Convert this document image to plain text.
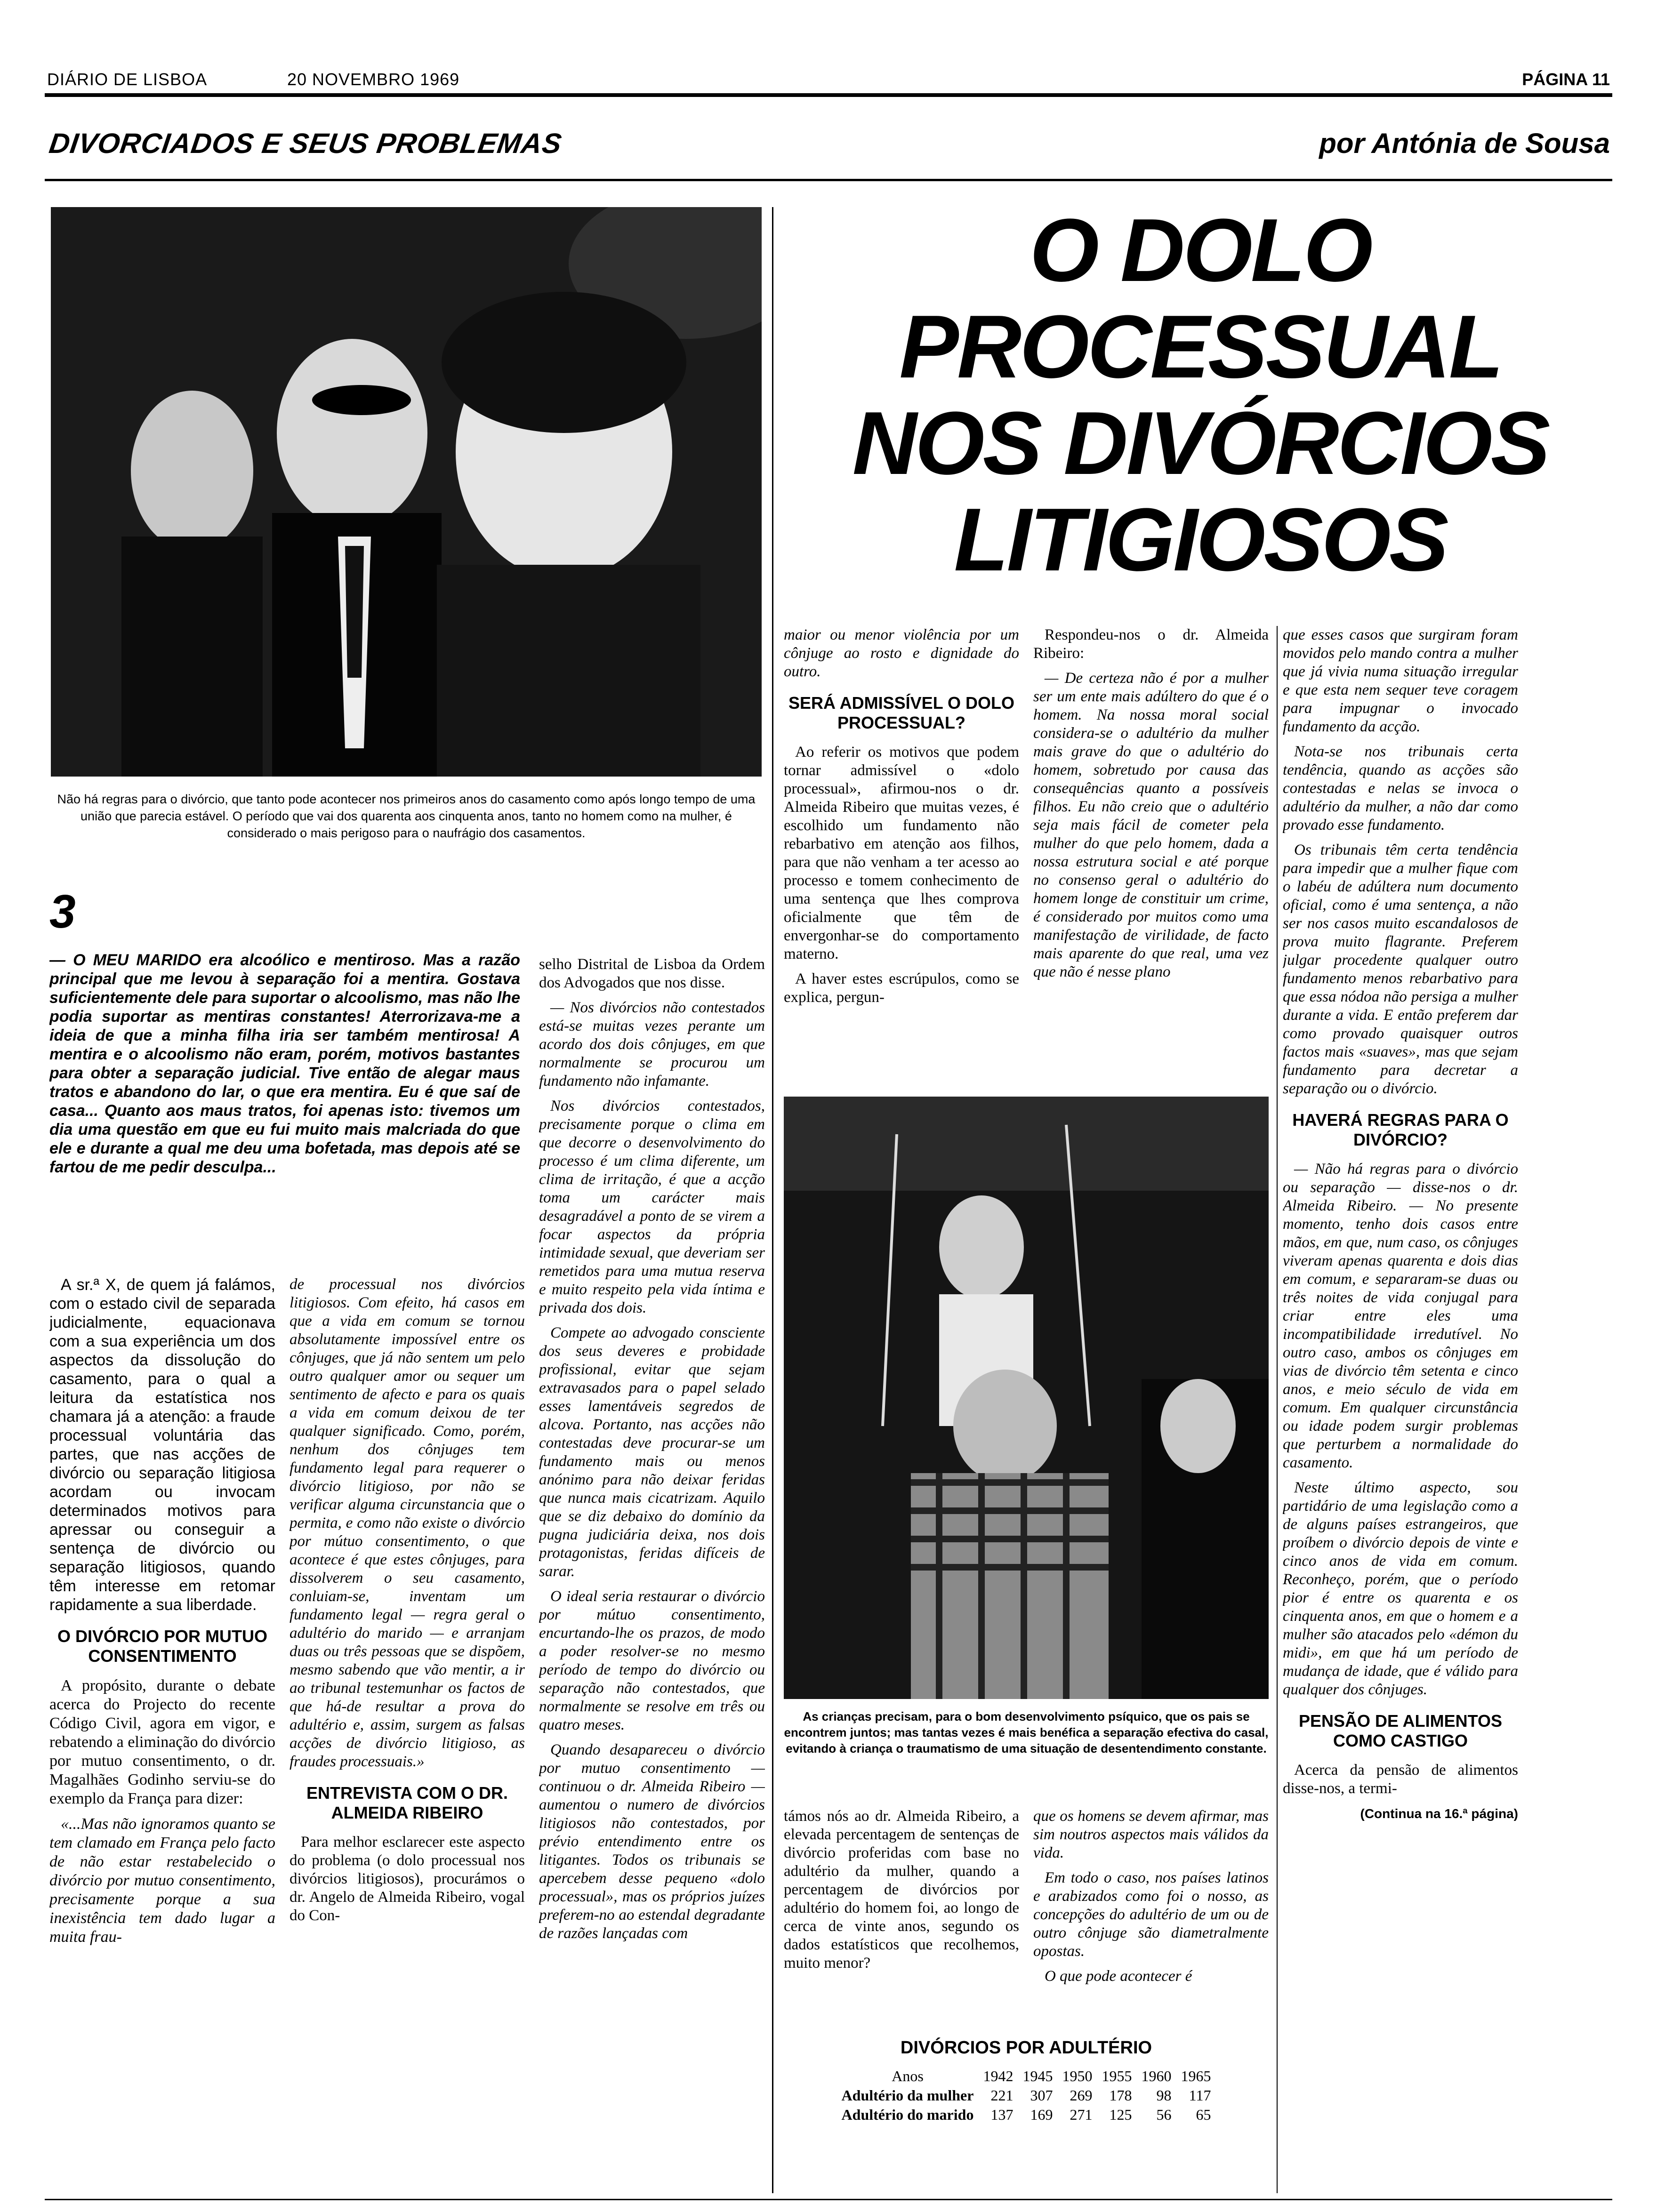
DIÁRIO DE LISBOA	20 NOVEMBRO 1969	PÁGINA 11
DIVORCIADOS E SEUS PROBLEMAS	por Antónia de Sousa
Não há regras para o divórcio, que tanto pode acontecer nos primeiros anos do casamento como após longo tempo de uma união que parecia estável. O período que vai dos quarenta aos cinquenta anos, tanto no homem como na mulher, é considerado o mais perigoso para o naufrágio dos casamentos.
O DOLO
PROCESSUAL
NOS DIVÓRCIOS
LITIGIOSOS
3
— O MEU MARIDO era alcoólico e mentiroso. Mas a razão principal que me levou à separação foi a mentira. Gostava suficientemente dele para suportar o alcoolismo, mas não lhe podia suportar as mentiras constantes! Aterrorizava-me a ideia de que a minha filha iria ser também mentirosa! A mentira e o alcoolismo não eram, porém, motivos bastantes para obter a separação judicial. Tive então de alegar maus tratos e abandono do lar, o que era mentira. Eu é que saí de casa... Quanto aos maus tratos, foi apenas isto: tivemos um dia uma questão em que eu fui muito mais malcriada do que ele e durante a qual me deu uma bofetada, mas depois até se fartou de me pedir desculpa...

A sr.ª X, de quem já falámos, com o estado civil de separada judicialmente, equacionava com a sua experiência um dos aspectos da dissolução do casamento, para o qual a leitura da estatística nos chamara já a atenção: a fraude processual voluntária das partes, que nas acções de divórcio ou separação litigiosa acordam ou invocam determinados motivos para apressar ou conseguir a sentença de divórcio ou separação litigiosos, quando têm interesse em retomar rapidamente a sua liberdade.

O DIVÓRCIO POR MUTUO CONSENTIMENTO

A propósito, durante o debate acerca do Projecto do recente Código Civil, agora em vigor, e rebatendo a eliminação do divórcio por mutuo consentimento, o dr. Magalhães Godinho serviu-se do exemplo da França para dizer:

«...Mas não ignoramos quanto se tem clamado em França pelo facto de não estar restabelecido o divórcio por mutuo consentimento, precisamente porque a sua inexistência tem dado lugar a muita frau-

de processual nos divórcios litigiosos. Com efeito, há casos em que a vida em comum se tornou absolutamente impossível entre os cônjuges, que já não sentem um pelo outro qualquer amor ou sequer um sentimento de afecto e para os quais a vida em comum deixou de ter qualquer significado. Como, porém, nenhum dos cônjuges tem fundamento legal para requerer o divórcio litigioso, por não se verificar alguma circunstancia que o permita, e como não existe o divórcio por mútuo consentimento, o que acontece é que estes cônjuges, para dissolverem o seu casamento, conluiam-se, inventam um fundamento legal — regra geral o adultério do marido — e arranjam duas ou três pessoas que se dispõem, mesmo sabendo que vão mentir, a ir ao tribunal testemunhar os factos de que há-de resultar a prova do adultério e, assim, surgem as falsas acções de divórcio litigioso, as fraudes processuais.»

ENTREVISTA COM O DR. ALMEIDA RIBEIRO

Para melhor esclarecer este aspecto do problema (o dolo processual nos divórcios litigiosos), procurámos o dr. Angelo de Almeida Ribeiro, vogal do Con-

selho Distrital de Lisboa da Ordem dos Advogados que nos disse.

— Nos divórcios não contestados está-se muitas vezes perante um acordo dos dois cônjuges, em que normalmente se procurou um fundamento não infamante.

Nos divórcios contestados, precisamente porque o clima em que decorre o desenvolvimento do processo é um clima diferente, um clima de irritação, é que a acção toma um carácter mais desagradável a ponto de se virem a focar aspectos da própria intimidade sexual, que deveriam ser remetidos para uma mutua reserva e muito respeito pela vida íntima e privada dos dois.

Compete ao advogado consciente dos seus deveres e probidade profissional, evitar que sejam extravasados para o papel selado esses lamentáveis segredos de alcova. Portanto, nas acções não contestadas deve procurar-se um fundamento mais ou menos anónimo para não deixar feridas que nunca mais cicatrizam. Aquilo que se diz debaixo do domínio da pugna judiciária deixa, nos dois protagonistas, feridas difíceis de sarar.

O ideal seria restaurar o divórcio por mútuo consentimento, encurtando-lhe os prazos, de modo a poder resolver-se no mesmo período de tempo do divórcio ou separação não contestados, que normalmente se resolve em três ou quatro meses.

Quando desapareceu o divórcio por mutuo consentimento — continuou o dr. Almeida Ribeiro — aumentou o numero de divórcios litigiosos não contestados, por prévio entendimento entre os litigantes. Todos os tribunais se apercebem desse pequeno «dolo processual», mas os próprios juízes preferem-no ao estendal degradante de razões lançadas com

maior ou menor violência por um cônjuge ao rosto e dignidade do outro.

SERÁ ADMISSÍVEL O DOLO PROCESSUAL?

Ao referir os motivos que podem tornar admissível o «dolo processual», afirmou-nos o dr. Almeida Ribeiro que muitas vezes, é escolhido um fundamento não rebarbativo em atenção aos filhos, para que não venham a ter acesso ao processo e tomem conhecimento de uma sentença que lhes comprova oficialmente que têm de envergonhar-se do comportamento materno.

A haver estes escrúpulos, como se explica, pergun-

Respondeu-nos o dr. Almeida Ribeiro:

— De certeza não é por a mulher ser um ente mais adúltero do que é o homem. Na nossa moral social considera-se o adultério da mulher mais grave do que o adultério do homem, sobretudo por causa das consequências quanto a possíveis filhos. Eu não creio que o adultério seja mais fácil de cometer pela mulher do que pelo homem, dada a nossa estrutura social e até porque no consenso geral o adultério do homem longe de constituir um crime, é considerado por muitos como uma manifestação de virilidade, de facto mais aparente do que real, uma vez que não é nesse plano

As crianças precisam, para o bom desenvolvimento psíquico, que os pais se encontrem juntos; mas tantas vezes é mais benéfica a separação efectiva do casal, evitando à criança o traumatismo de uma situação de desentendimento constante.

támos nós ao dr. Almeida Ribeiro, a elevada percentagem de sentenças de divórcio proferidas com base no adultério da mulher, quando a percentagem de divórcios por adultério do homem foi, ao longo de cerca de vinte anos, segundo os dados estatísticos que recolhemos, muito menor?

que os homens se devem afirmar, mas sim noutros aspectos mais válidos da vida.

Em todo o caso, nos países latinos e arabizados como foi o nosso, as concepções do adultério de um ou de outro cônjuge são diametralmente opostas.

O que pode acontecer é

DIVÓRCIOS POR ADULTÉRIO
Anos	1942	1945	1950	1955	1960	1965
Adultério da mulher	221	307	269	178	98	117
Adultério do marido	137	169	271	125	56	65

que esses casos que surgiram foram movidos pelo mando contra a mulher que já vivia numa situação irregular e que esta nem sequer teve coragem para impugnar o invocado fundamento da acção.

Nota-se nos tribunais certa tendência, quando as acções são contestadas e nelas se invoca o adultério da mulher, a não dar como provado esse fundamento.

Os tribunais têm certa tendência para impedir que a mulher fique com o labéu de adúltera num documento oficial, como é uma sentença, a não ser nos casos muito escandalosos de prova muito flagrante. Preferem julgar procedente qualquer outro fundamento menos rebarbativo para que essa nódoa não persiga a mulher durante a vida. E então preferem dar como provado quaisquer outros factos mais «suaves», mas que sejam fundamento para decretar a separação ou o divórcio.

HAVERÁ REGRAS PARA O DIVÓRCIO?

— Não há regras para o divórcio ou separação — disse-nos o dr. Almeida Ribeiro. — No presente momento, tenho dois casos entre mãos, em que, num caso, os cônjuges viveram apenas quarenta e dois dias em comum, e separaram-se duas ou três noites de vida conjugal para criar entre eles uma incompatibilidade irredutível. No outro caso, ambos os cônjuges em vias de divórcio têm setenta e cinco anos, e meio século de vida em comum. Em qualquer circunstância ou idade podem surgir problemas que perturbem a normalidade do casamento.

Neste último aspecto, sou partidário de uma legislação como a de alguns países estrangeiros, que proíbem o divórcio depois de vinte e cinco anos de vida em comum. Reconheço, porém, que o período pior é entre os quarenta e os cinquenta anos, em que o homem e a mulher são atacados pelo «démon du midi», em que há um período de mudança de idade, que é válido para qualquer dos cônjuges.

PENSÃO DE ALIMENTOS COMO CASTIGO

Acerca da pensão de alimentos disse-nos, a termi-

(Continua na 16.ª página)
